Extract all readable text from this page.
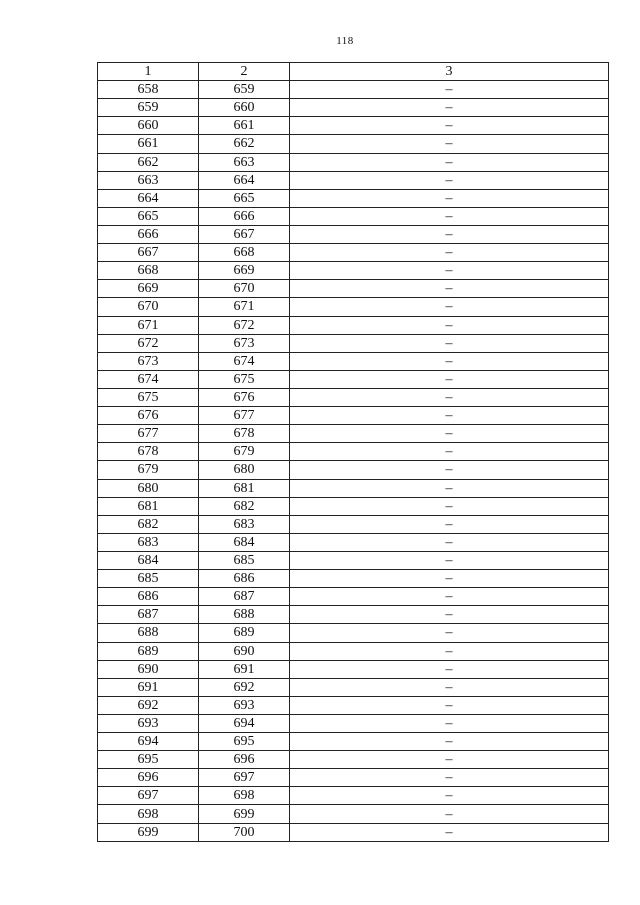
118
1	2	3
658	659	–
659	660	–
660	661	–
661	662	–
662	663	–
663	664	–
664	665	–
665	666	–
666	667	–
667	668	–
668	669	–
669	670	–
670	671	–
671	672	–
672	673	–
673	674	–
674	675	–
675	676	–
676	677	–
677	678	–
678	679	–
679	680	–
680	681	–
681	682	–
682	683	–
683	684	–
684	685	–
685	686	–
686	687	–
687	688	–
688	689	–
689	690	–
690	691	–
691	692	–
692	693	–
693	694	–
694	695	–
695	696	–
696	697	–
697	698	–
698	699	–
699	700	–
